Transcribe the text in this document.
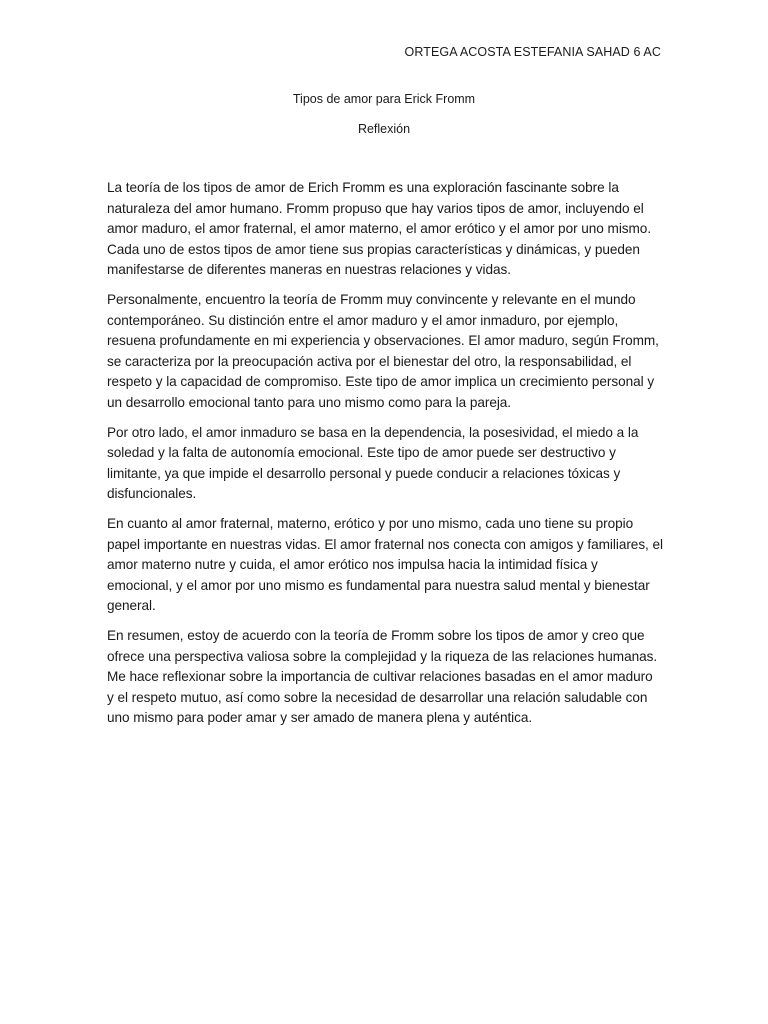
ORTEGA ACOSTA ESTEFANIA SAHAD 6 AC
Tipos de amor para Erick Fromm
Reflexión

La teoría de los tipos de amor de Erich Fromm es una exploración fascinante sobre la naturaleza del amor humano. Fromm propuso que hay varios tipos de amor, incluyendo el amor maduro, el amor fraternal, el amor materno, el amor erótico y el amor por uno mismo. Cada uno de estos tipos de amor tiene sus propias características y dinámicas, y pueden manifestarse de diferentes maneras en nuestras relaciones y vidas.

Personalmente, encuentro la teoría de Fromm muy convincente y relevante en el mundo contemporáneo. Su distinción entre el amor maduro y el amor inmaduro, por ejemplo, resuena profundamente en mi experiencia y observaciones. El amor maduro, según Fromm, se caracteriza por la preocupación activa por el bienestar del otro, la responsabilidad, el respeto y la capacidad de compromiso. Este tipo de amor implica un crecimiento personal y un desarrollo emocional tanto para uno mismo como para la pareja.

Por otro lado, el amor inmaduro se basa en la dependencia, la posesividad, el miedo a la soledad y la falta de autonomía emocional. Este tipo de amor puede ser destructivo y limitante, ya que impide el desarrollo personal y puede conducir a relaciones tóxicas y disfuncionales.

En cuanto al amor fraternal, materno, erótico y por uno mismo, cada uno tiene su propio papel importante en nuestras vidas. El amor fraternal nos conecta con amigos y familiares, el amor materno nutre y cuida, el amor erótico nos impulsa hacia la intimidad física y emocional, y el amor por uno mismo es fundamental para nuestra salud mental y bienestar general.

En resumen, estoy de acuerdo con la teoría de Fromm sobre los tipos de amor y creo que ofrece una perspectiva valiosa sobre la complejidad y la riqueza de las relaciones humanas. Me hace reflexionar sobre la importancia de cultivar relaciones basadas en el amor maduro y el respeto mutuo, así como sobre la necesidad de desarrollar una relación saludable con uno mismo para poder amar y ser amado de manera plena y auténtica.
